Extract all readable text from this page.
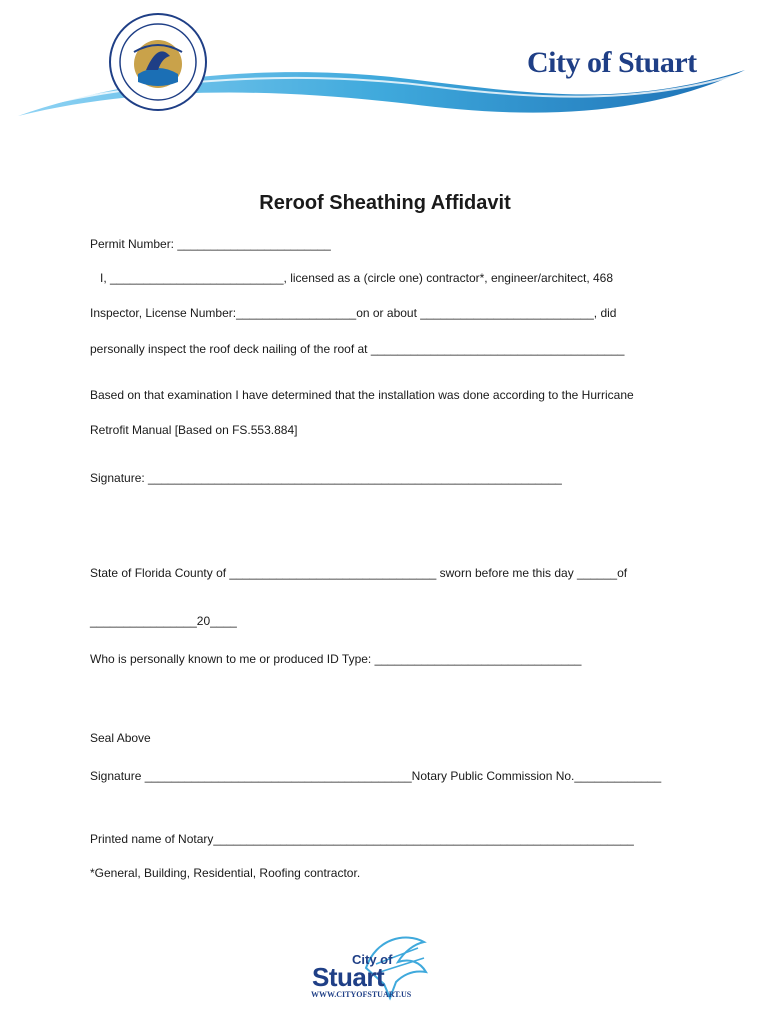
City of Stuart
Reroof Sheathing Affidavit
Permit Number: _______________________
I, __________________________, licensed as a (circle one) contractor*, engineer/architect, 468
Inspector, License Number:__________________on or about __________________________, did
personally inspect the roof deck nailing of the roof at ______________________________________
Based on that examination I have determined that the installation was done according to the Hurricane
Retrofit Manual [Based on FS.553.884]
Signature: ______________________________________________________________
State of Florida County of _______________________________ sworn before me this day ______of
________________20____
Who is personally known to me or produced ID Type: _______________________________
Seal Above
Signature ________________________________________Notary Public Commission No._____________
Printed name of Notary_______________________________________________________________
*General, Building, Residential, Roofing contractor.
City of
Stuart
WWW.CITYOFSTUART.US
